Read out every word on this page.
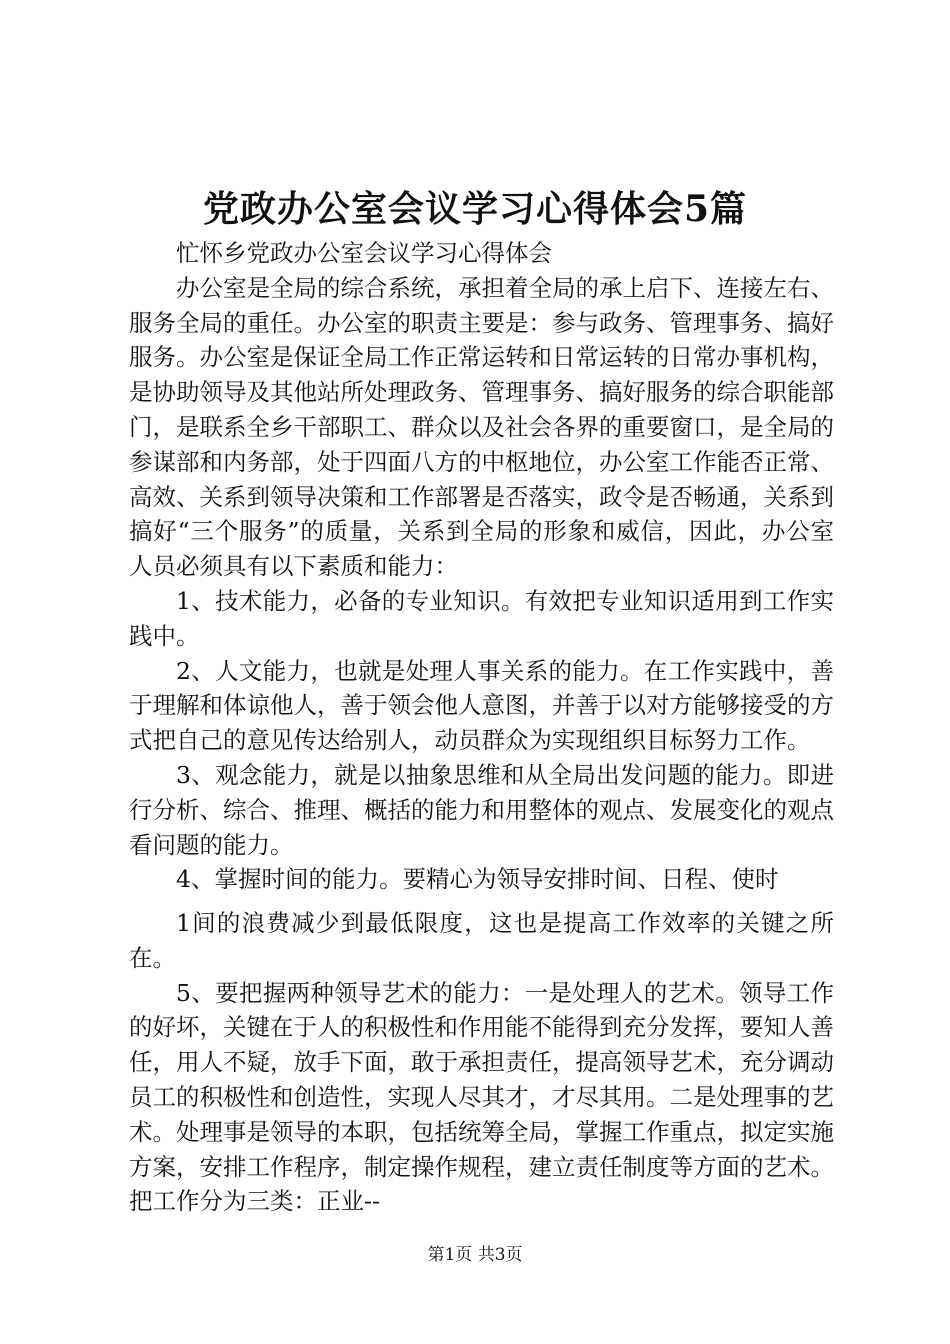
党政办公室会议学习心得体会5篇

忙怀乡党政办公室会议学习心得体会

办公室是全局的综合系统，承担着全局的承上启下、连接左右、服务全局的重任。办公室的职责主要是：参与政务、管理事务、搞好服务。办公室是保证全局工作正常运转和日常运转的日常办事机构，是协助领导及其他站所处理政务、管理事务、搞好服务的综合职能部门，是联系全乡干部职工、群众以及社会各界的重要窗口，是全局的参谋部和内务部，处于四面八方的中枢地位，办公室工作能否正常、高效、关系到领导决策和工作部署是否落实，政令是否畅通，关系到搞好“三个服务”的质量，关系到全局的形象和威信，因此，办公室人员必须具有以下素质和能力：

1、技术能力，必备的专业知识。有效把专业知识适用到工作实践中。

2、人文能力，也就是处理人事关系的能力。在工作实践中，善于理解和体谅他人，善于领会他人意图，并善于以对方能够接受的方式把自己的意见传达给别人，动员群众为实现组织目标努力工作。

3、观念能力，就是以抽象思维和从全局出发问题的能力。即进行分析、综合、推理、概括的能力和用整体的观点、发展变化的观点看问题的能力。

4、掌握时间的能力。要精心为领导安排时间、日程、使时

1间的浪费减少到最低限度，这也是提高工作效率的关键之所在。

5、要把握两种领导艺术的能力：一是处理人的艺术。领导工作的好坏，关键在于人的积极性和作用能不能得到充分发挥，要知人善任，用人不疑，放手下面，敢于承担责任，提高领导艺术，充分调动员工的积极性和创造性，实现人尽其才，才尽其用。二是处理事的艺术。处理事是领导的本职，包括统筹全局，掌握工作重点，拟定实施方案，安排工作程序，制定操作规程，建立责任制度等方面的艺术。把工作分为三类：正业--

第1页 共3页
